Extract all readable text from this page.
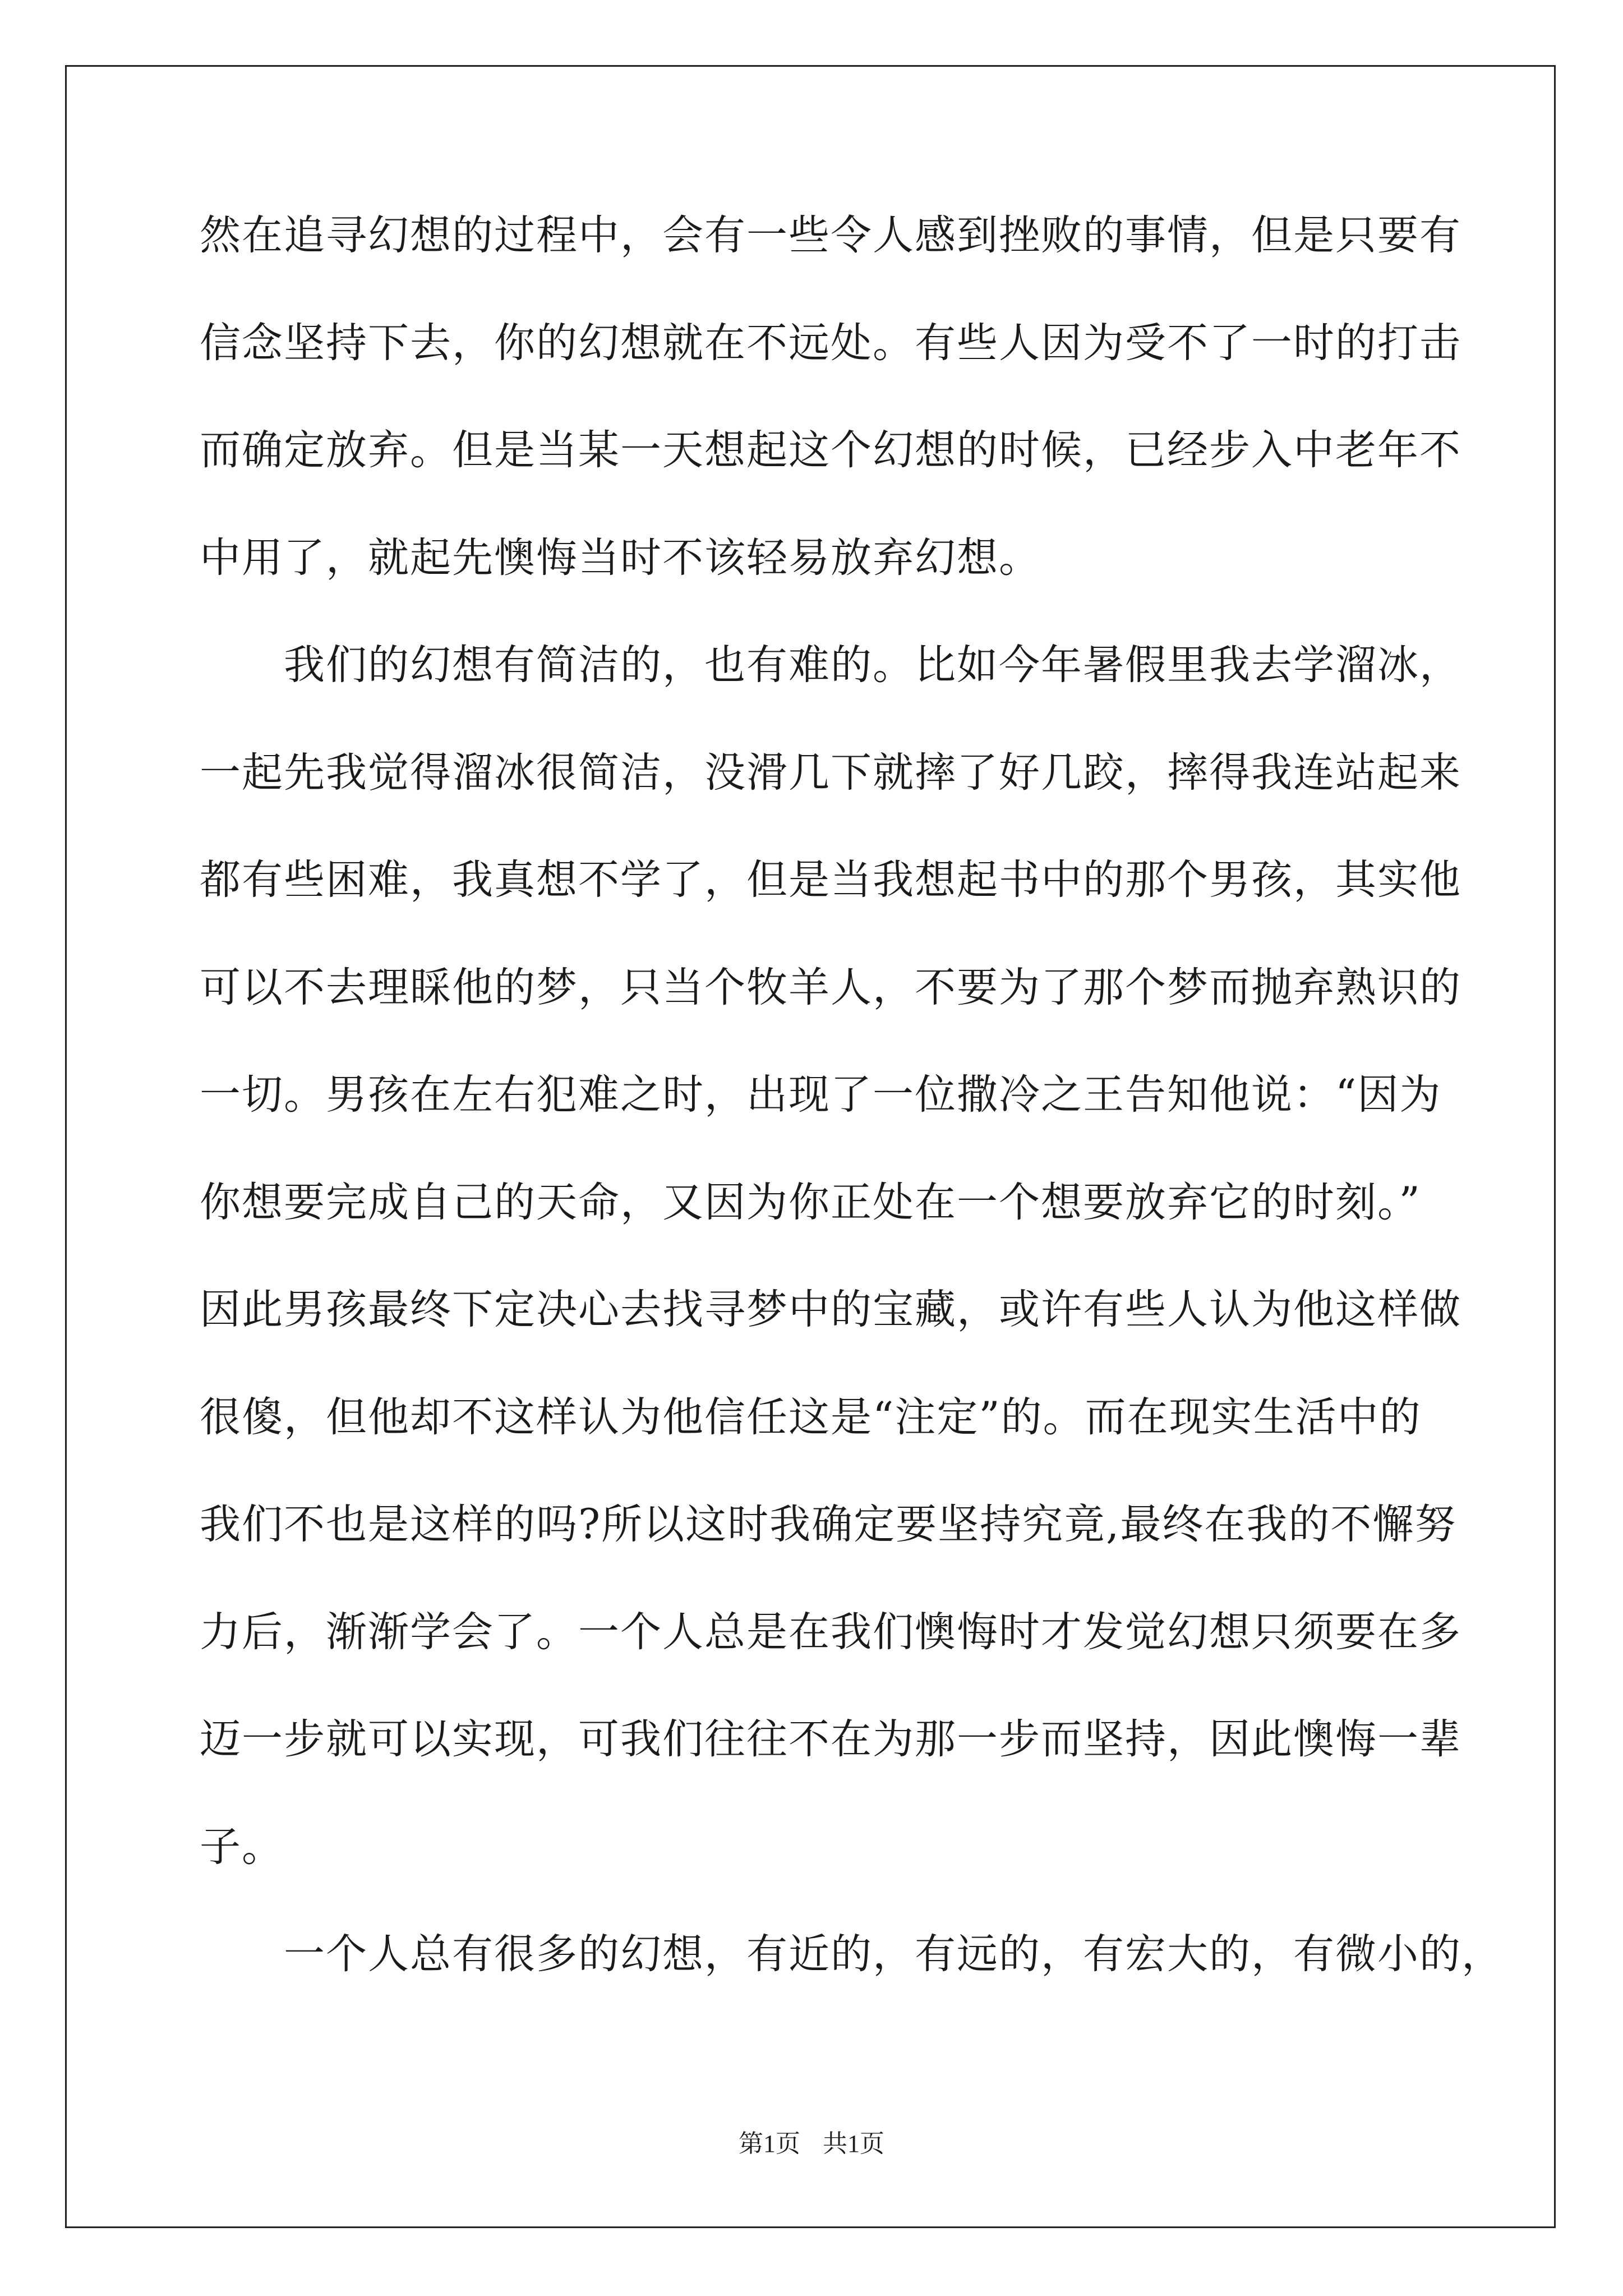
然在追寻幻想的过程中，会有一些令人感到挫败的事情，但是只要有
信念坚持下去，你的幻想就在不远处。有些人因为受不了一时的打击
而确定放弃。但是当某一天想起这个幻想的时候，已经步入中老年不
中用了，就起先懊悔当时不该轻易放弃幻想。
　　我们的幻想有简洁的，也有难的。比如今年暑假里我去学溜冰，
一起先我觉得溜冰很简洁，没滑几下就摔了好几跤，摔得我连站起来
都有些困难，我真想不学了，但是当我想起书中的那个男孩，其实他
可以不去理睬他的梦，只当个牧羊人，不要为了那个梦而抛弃熟识的
一切。男孩在左右犯难之时，出现了一位撒冷之王告知他说：“因为
你想要完成自己的天命，又因为你正处在一个想要放弃它的时刻。”
因此男孩最终下定决心去找寻梦中的宝藏，或许有些人认为他这样做
很傻，但他却不这样认为他信任这是“注定”的。而在现实生活中的
我们不也是这样的吗?所以这时我确定要坚持究竟,最终在我的不懈努
力后，渐渐学会了。一个人总是在我们懊悔时才发觉幻想只须要在多
迈一步就可以实现，可我们往往不在为那一步而坚持，因此懊悔一辈
子。
　　一个人总有很多的幻想，有近的，有远的，有宏大的，有微小的，
第1页 共1页
